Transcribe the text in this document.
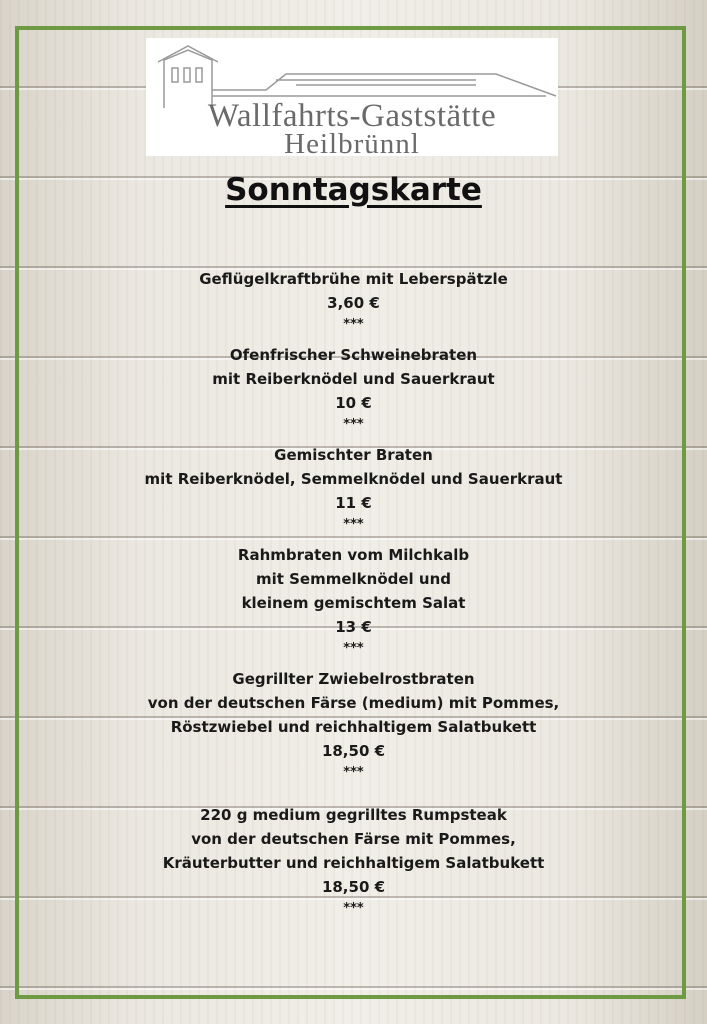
Wallfahrts-Gaststätte
Heilbrünnl
Sonntagskarte
Geflügelkraftbrühe mit Leberspätzle
3,60 €
***
Ofenfrischer Schweinebraten
mit Reiberknödel und Sauerkraut
10 €
***
Gemischter Braten
mit Reiberknödel, Semmelknödel und Sauerkraut
11 €
***
Rahmbraten vom Milchkalb
mit Semmelknödel und
kleinem gemischtem Salat
13 €
***
Gegrillter Zwiebelrostbraten
von der deutschen Färse (medium) mit Pommes,
Röstzwiebel und reichhaltigem Salatbukett
18,50 €
***
220 g medium gegrilltes Rumpsteak
von der deutschen Färse mit Pommes,
Kräuterbutter und reichhaltigem Salatbukett
18,50 €
***
